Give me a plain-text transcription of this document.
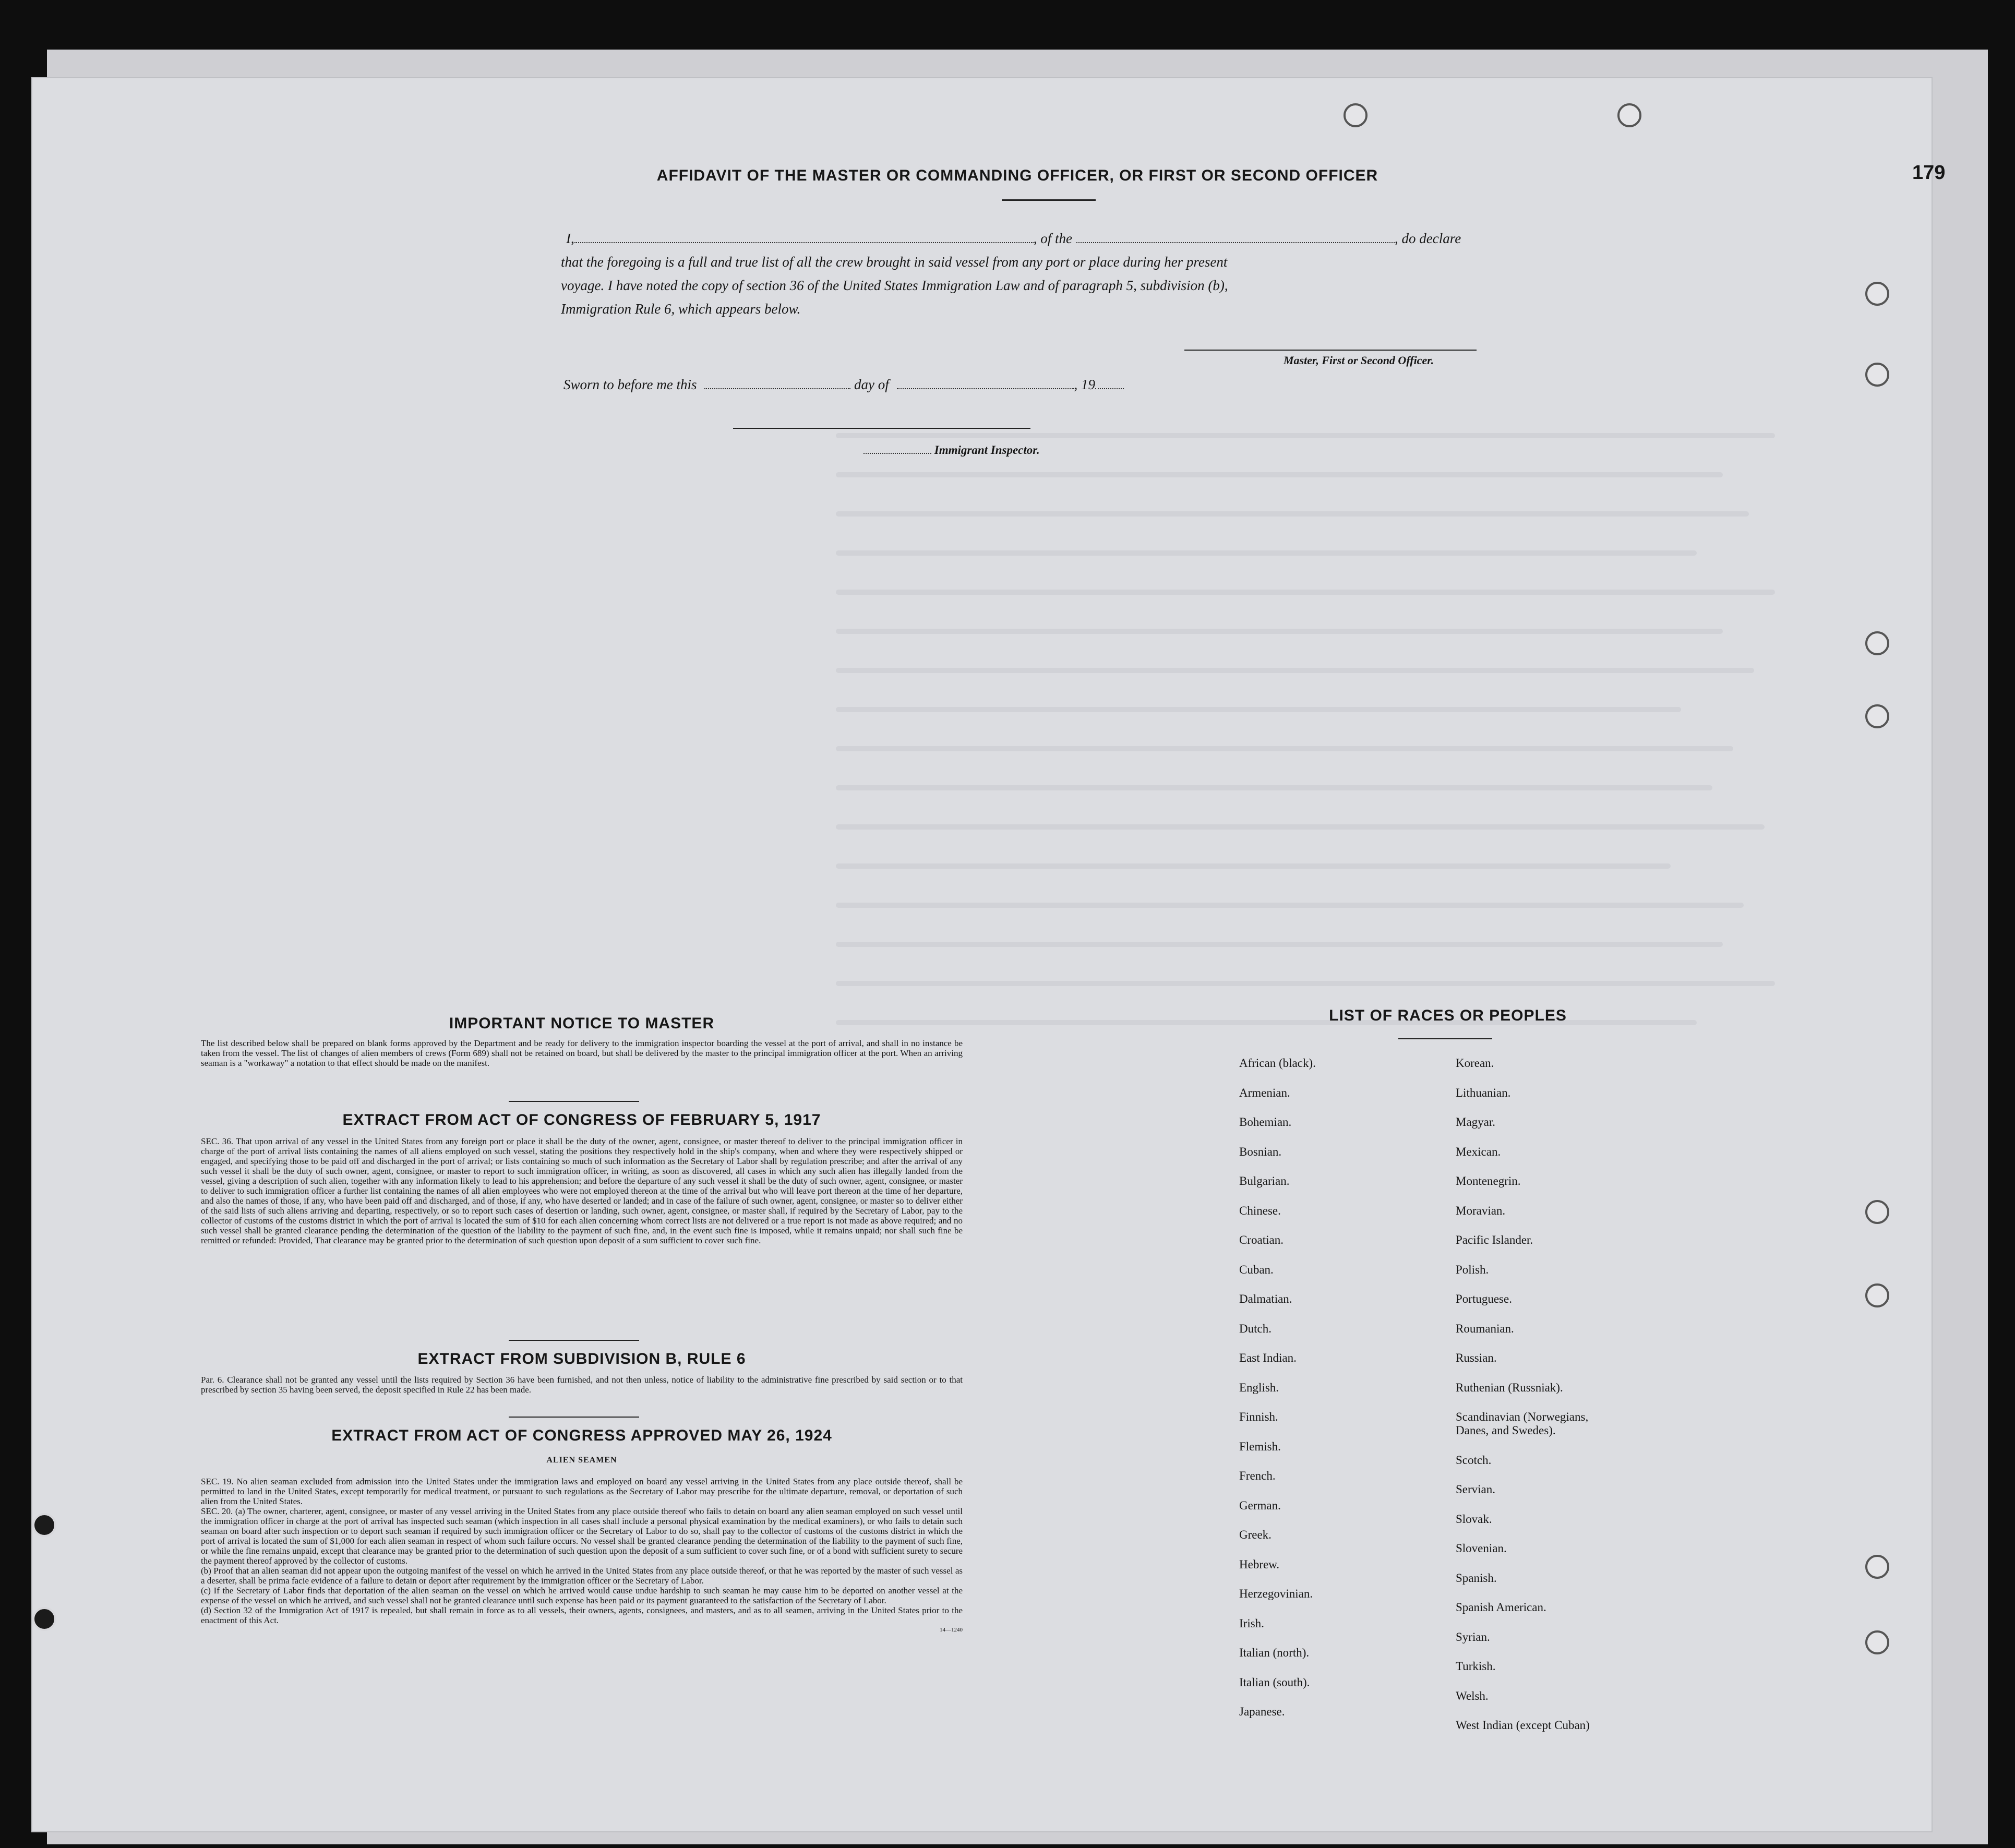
179
AFFIDAVIT OF THE MASTER OR COMMANDING OFFICER, OR FIRST OR SECOND OFFICER
I,	, of the	, do declare
that the foregoing is a full and true list of all the crew brought in said vessel from any port or place during her present
voyage. I have noted the copy of section 36 of the United States Immigration Law and of paragraph 5, subdivision (b),
Immigration Rule 6, which appears below.
Master, First or Second Officer.
Sworn to before me this	day of	, 19
Immigrant Inspector.
IMPORTANT NOTICE TO MASTER
The list described below shall be prepared on blank forms approved by the Department and be ready for delivery to the immigration inspector boarding the vessel at the port of arrival, and shall in no instance be taken from the vessel. The list of changes of alien members of crews (Form 689) shall not be retained on board, but shall be delivered by the master to the principal immigration officer at the port. When an arriving seaman is a "workaway" a notation to that effect should be made on the manifest.
EXTRACT FROM ACT OF CONGRESS OF FEBRUARY 5, 1917
SEC. 36. That upon arrival of any vessel in the United States from any foreign port or place it shall be the duty of the owner, agent, consignee, or master thereof to deliver to the principal immigration officer in charge of the port of arrival lists containing the names of all aliens employed on such vessel, stating the positions they respectively hold in the ship's company, when and where they were respectively shipped or engaged, and specifying those to be paid off and discharged in the port of arrival; or lists containing so much of such information as the Secretary of Labor shall by regulation prescribe; and after the arrival of any such vessel it shall be the duty of such owner, agent, consignee, or master to report to such immigration officer, in writing, as soon as discovered, all cases in which any such alien has illegally landed from the vessel, giving a description of such alien, together with any information likely to lead to his apprehension; and before the departure of any such vessel it shall be the duty of such owner, agent, consignee, or master to deliver to such immigration officer a further list containing the names of all alien employees who were not employed thereon at the time of the arrival but who will leave port thereon at the time of her departure, and also the names of those, if any, who have been paid off and discharged, and of those, if any, who have deserted or landed; and in case of the failure of such owner, agent, consignee, or master so to deliver either of the said lists of such aliens arriving and departing, respectively, or so to report such cases of desertion or landing, such owner, agent, consignee, or master shall, if required by the Secretary of Labor, pay to the collector of customs of the customs district in which the port of arrival is located the sum of $10 for each alien concerning whom correct lists are not delivered or a true report is not made as above required; and no such vessel shall be granted clearance pending the determination of the question of the liability to the payment of such fine, and, in the event such fine is imposed, while it remains unpaid; nor shall such fine be remitted or refunded: Provided, That clearance may be granted prior to the determination of such question upon deposit of a sum sufficient to cover such fine.
EXTRACT FROM SUBDIVISION B, RULE 6
Par. 6. Clearance shall not be granted any vessel until the lists required by Section 36 have been furnished, and not then unless, notice of liability to the administrative fine prescribed by said section or to that prescribed by section 35 having been served, the deposit specified in Rule 22 has been made.
EXTRACT FROM ACT OF CONGRESS APPROVED MAY 26, 1924
ALIEN SEAMEN
SEC. 19. No alien seaman excluded from admission into the United States under the immigration laws and employed on board any vessel arriving in the United States from any place outside thereof, shall be permitted to land in the United States, except temporarily for medical treatment, or pursuant to such regulations as the Secretary of Labor may prescribe for the ultimate departure, removal, or deportation of such alien from the United States.
SEC. 20. (a) The owner, charterer, agent, consignee, or master of any vessel arriving in the United States from any place outside thereof who fails to detain on board any alien seaman employed on such vessel until the immigration officer in charge at the port of arrival has inspected such seaman (which inspection in all cases shall include a personal physical examination by the medical examiners), or who fails to detain such seaman on board after such inspection or to deport such seaman if required by such immigration officer or the Secretary of Labor to do so, shall pay to the collector of customs of the customs district in which the port of arrival is located the sum of $1,000 for each alien seaman in respect of whom such failure occurs. No vessel shall be granted clearance pending the determination of the liability to the payment of such fine, or while the fine remains unpaid, except that clearance may be granted prior to the determination of such question upon the deposit of a sum sufficient to cover such fine, or of a bond with sufficient surety to secure the payment thereof approved by the collector of customs.
(b) Proof that an alien seaman did not appear upon the outgoing manifest of the vessel on which he arrived in the United States from any place outside thereof, or that he was reported by the master of such vessel as a deserter, shall be prima facie evidence of a failure to detain or deport after requirement by the immigration officer or the Secretary of Labor.
(c) If the Secretary of Labor finds that deportation of the alien seaman on the vessel on which he arrived would cause undue hardship to such seaman he may cause him to be deported on another vessel at the expense of the vessel on which he arrived, and such vessel shall not be granted clearance until such expense has been paid or its payment guaranteed to the satisfaction of the Secretary of Labor.
(d) Section 32 of the Immigration Act of 1917 is repealed, but shall remain in force as to all vessels, their owners, agents, consignees, and masters, and as to all seamen, arriving in the United States prior to the enactment of this Act.
14—1240
LIST OF RACES OR PEOPLES
African (black).
Armenian.
Bohemian.
Bosnian.
Bulgarian.
Chinese.
Croatian.
Cuban.
Dalmatian.
Dutch.
East Indian.
English.
Finnish.
Flemish.
French.
German.
Greek.
Hebrew.
Herzegovinian.
Irish.
Italian (north).
Italian (south).
Japanese.
Korean.
Lithuanian.
Magyar.
Mexican.
Montenegrin.
Moravian.
Pacific Islander.
Polish.
Portuguese.
Roumanian.
Russian.
Ruthenian (Russniak).
Scandinavian (Norwegians,
Danes, and Swedes).
Scotch.
Servian.
Slovak.
Slovenian.
Spanish.
Spanish American.
Syrian.
Turkish.
Welsh.
West Indian (except Cuban)
